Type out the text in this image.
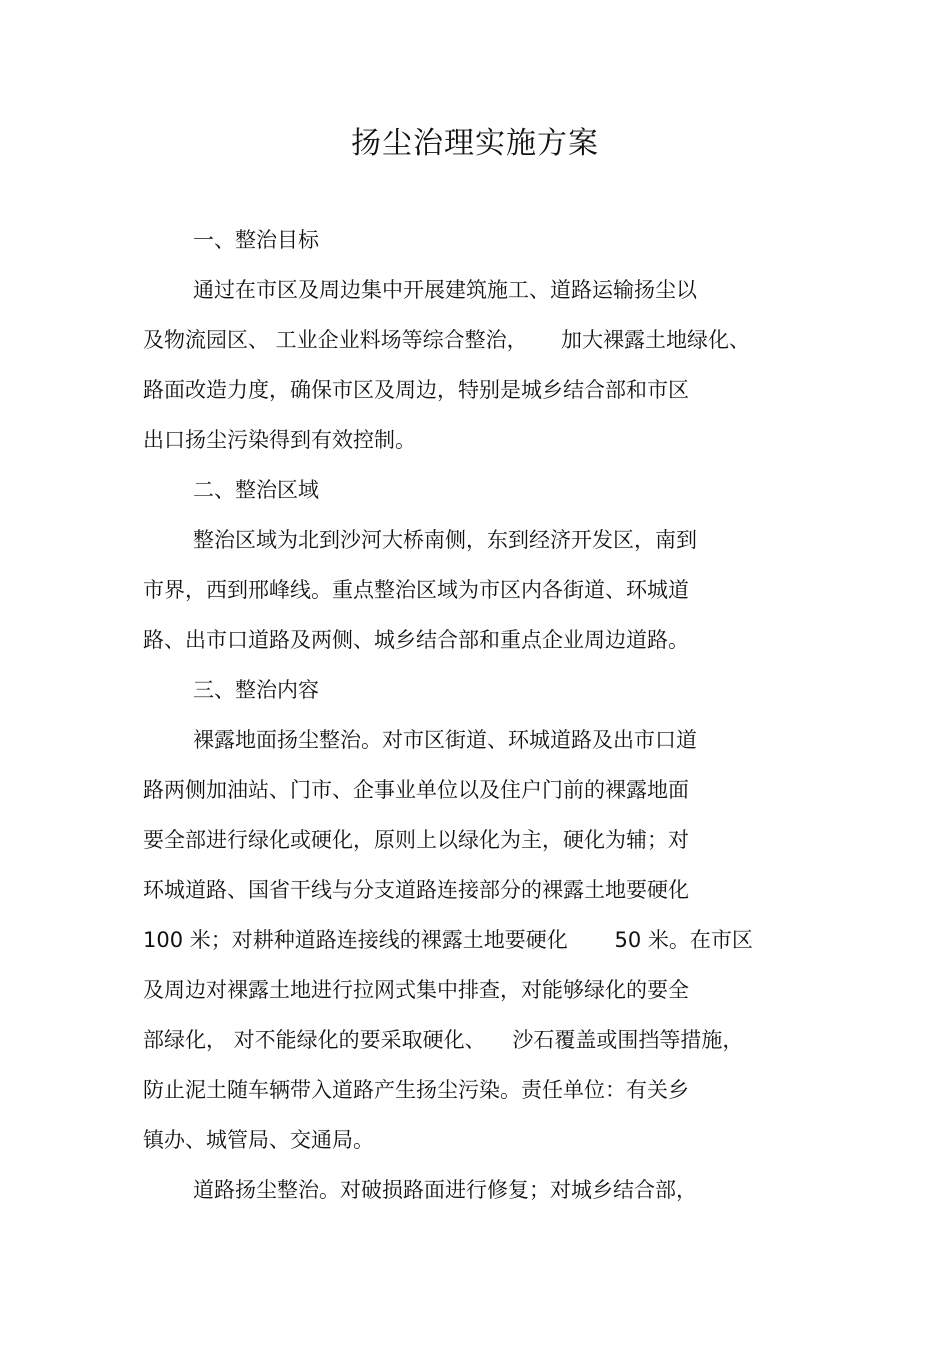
扬尘治理实施方案
一、整治目标
通过在市区及周边集中开展建筑施工、道路运输扬尘以
及物流园区、 工业企业料场等综合整治，     加大裸露土地绿化、
路面改造力度，确保市区及周边，特别是城乡结合部和市区
出口扬尘污染得到有效控制。
二、整治区域
整治区域为北到沙河大桥南侧，东到经济开发区，南到
市界，西到邢峰线。重点整治区域为市区内各街道、环城道
路、出市口道路及两侧、城乡结合部和重点企业周边道路。
三、整治内容
裸露地面扬尘整治。对市区街道、环城道路及出市口道
路两侧加油站、门市、企事业单位以及住户门前的裸露地面
要全部进行绿化或硬化，原则上以绿化为主，硬化为辅；对
环城道路、国省干线与分支道路连接部分的裸露土地要硬化
100 米；对耕种道路连接线的裸露土地要硬化       50 米。在市区
及周边对裸露土地进行拉网式集中排查，对能够绿化的要全
部绿化， 对不能绿化的要采取硬化、    沙石覆盖或围挡等措施，
防止泥土随车辆带入道路产生扬尘污染。责任单位：有关乡
镇办、城管局、交通局。
道路扬尘整治。对破损路面进行修复；对城乡结合部，
